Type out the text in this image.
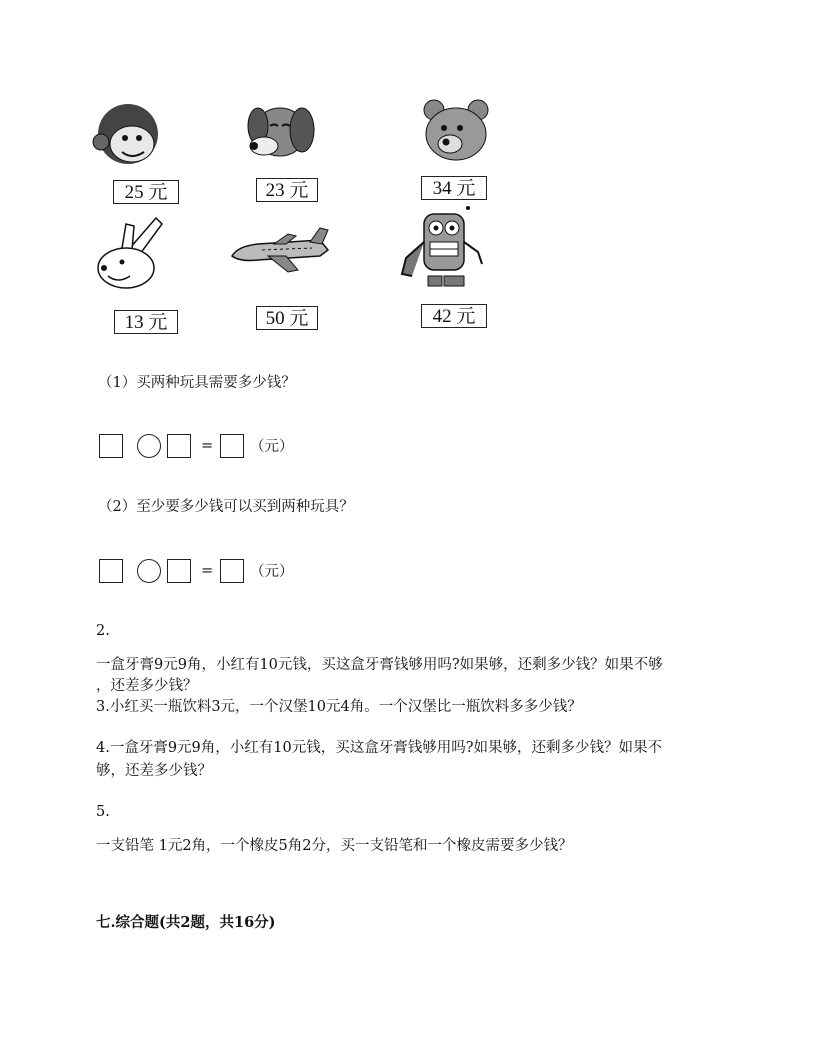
25 元	23 元	34 元
13 元	50 元	42 元
（1）买两种玩具需要多少钱？
=	（元）
（2）至少要多少钱可以买到两种玩具？
=	（元）
2.
一盒牙膏9元9角，小红有10元钱，买这盒牙膏钱够用吗?如果够，还剩多少钱？如果不够
，还差多少钱？
3.小红买一瓶饮料3元，一个汉堡10元4角。一个汉堡比一瓶饮料多多少钱？
4.一盒牙膏9元9角，小红有10元钱，买这盒牙膏钱够用吗?如果够，还剩多少钱？如果不
够，还差多少钱？
5.
一支铅笔 1元2角，一个橡皮5角2分，买一支铅笔和一个橡皮需要多少钱？
七.综合题(共2题，共16分)
